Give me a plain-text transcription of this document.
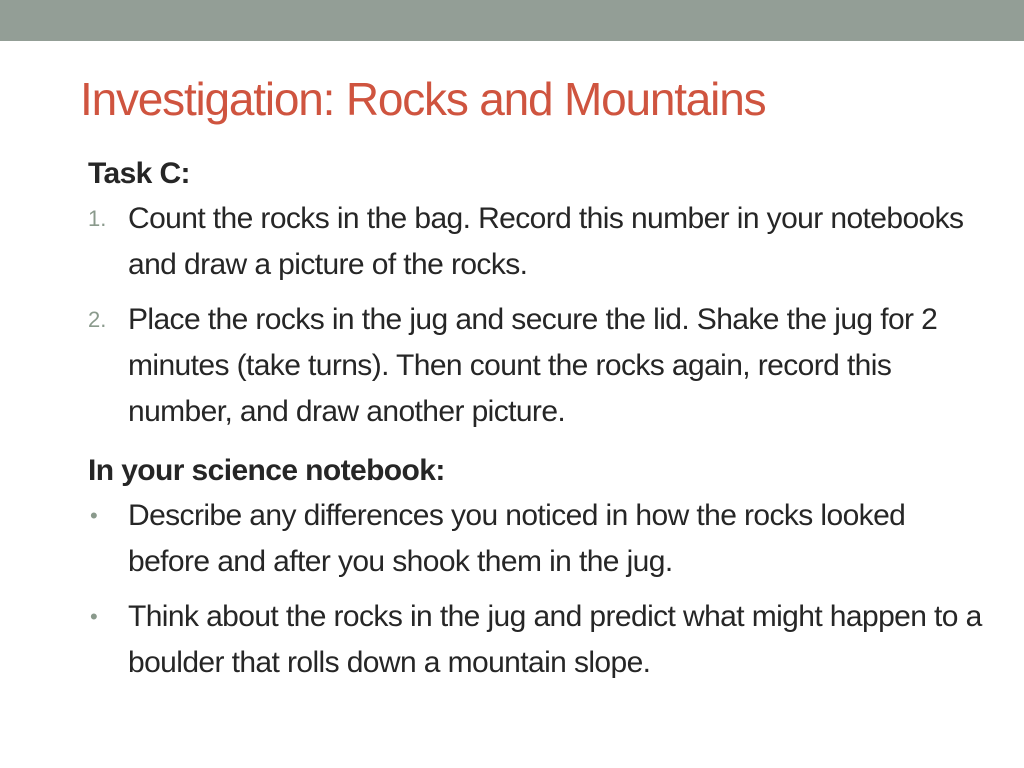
Investigation: Rocks and Mountains

Task C:

1. Count the rocks in the bag. Record this number in your notebooks and draw a picture of the rocks.
2. Place the rocks in the jug and secure the lid. Shake the jug for 2 minutes (take turns). Then count the rocks again, record this number, and draw another picture.

In your science notebook:

• Describe any differences you noticed in how the rocks looked before and after you shook them in the jug.
• Think about the rocks in the jug and predict what might happen to a boulder that rolls down a mountain slope.
